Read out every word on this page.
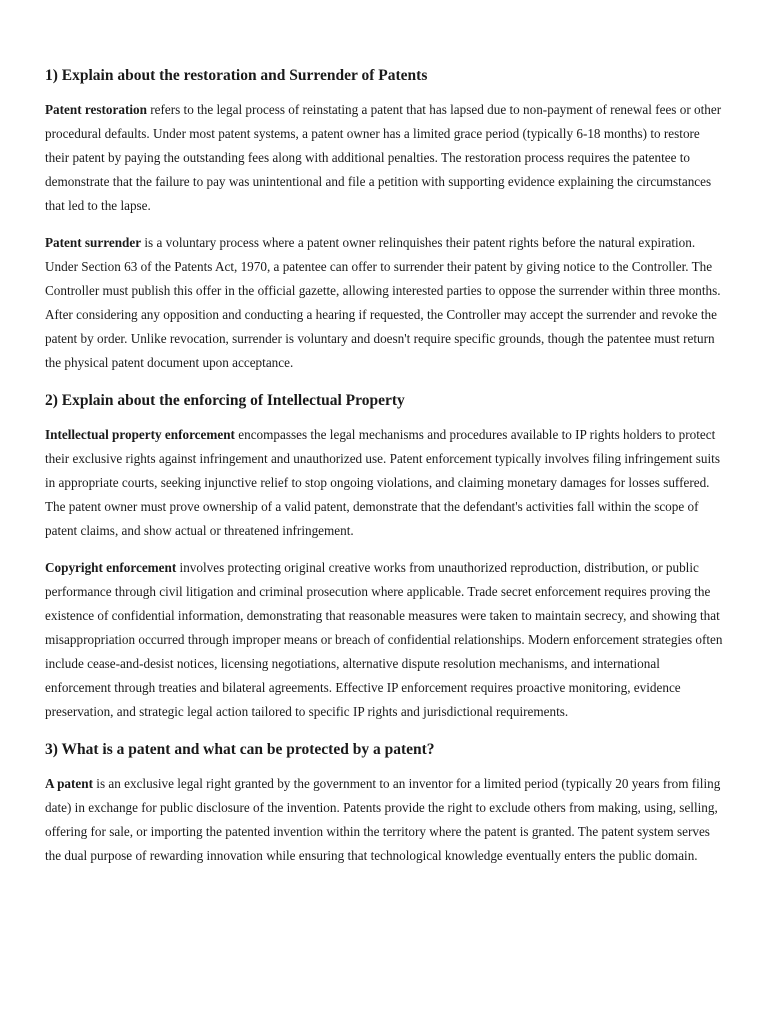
1) Explain about the restoration and Surrender of Patents

Patent restoration refers to the legal process of reinstating a patent that has lapsed due to non-payment of renewal fees or other procedural defaults. Under most patent systems, a patent owner has a limited grace period (typically 6-18 months) to restore their patent by paying the outstanding fees along with additional penalties. The restoration process requires the patentee to demonstrate that the failure to pay was unintentional and file a petition with supporting evidence explaining the circumstances that led to the lapse.

Patent surrender is a voluntary process where a patent owner relinquishes their patent rights before the natural expiration. Under Section 63 of the Patents Act, 1970, a patentee can offer to surrender their patent by giving notice to the Controller. The Controller must publish this offer in the official gazette, allowing interested parties to oppose the surrender within three months. After considering any opposition and conducting a hearing if requested, the Controller may accept the surrender and revoke the patent by order. Unlike revocation, surrender is voluntary and doesn't require specific grounds, though the patentee must return the physical patent document upon acceptance.

2) Explain about the enforcing of Intellectual Property

Intellectual property enforcement encompasses the legal mechanisms and procedures available to IP rights holders to protect their exclusive rights against infringement and unauthorized use. Patent enforcement typically involves filing infringement suits in appropriate courts, seeking injunctive relief to stop ongoing violations, and claiming monetary damages for losses suffered. The patent owner must prove ownership of a valid patent, demonstrate that the defendant's activities fall within the scope of patent claims, and show actual or threatened infringement.

Copyright enforcement involves protecting original creative works from unauthorized reproduction, distribution, or public performance through civil litigation and criminal prosecution where applicable. Trade secret enforcement requires proving the existence of confidential information, demonstrating that reasonable measures were taken to maintain secrecy, and showing that misappropriation occurred through improper means or breach of confidential relationships. Modern enforcement strategies often include cease-and-desist notices, licensing negotiations, alternative dispute resolution mechanisms, and international enforcement through treaties and bilateral agreements. Effective IP enforcement requires proactive monitoring, evidence preservation, and strategic legal action tailored to specific IP rights and jurisdictional requirements.

3) What is a patent and what can be protected by a patent?

A patent is an exclusive legal right granted by the government to an inventor for a limited period (typically 20 years from filing date) in exchange for public disclosure of the invention. Patents provide the right to exclude others from making, using, selling, offering for sale, or importing the patented invention within the territory where the patent is granted. The patent system serves the dual purpose of rewarding innovation while ensuring that technological knowledge eventually enters the public domain.
